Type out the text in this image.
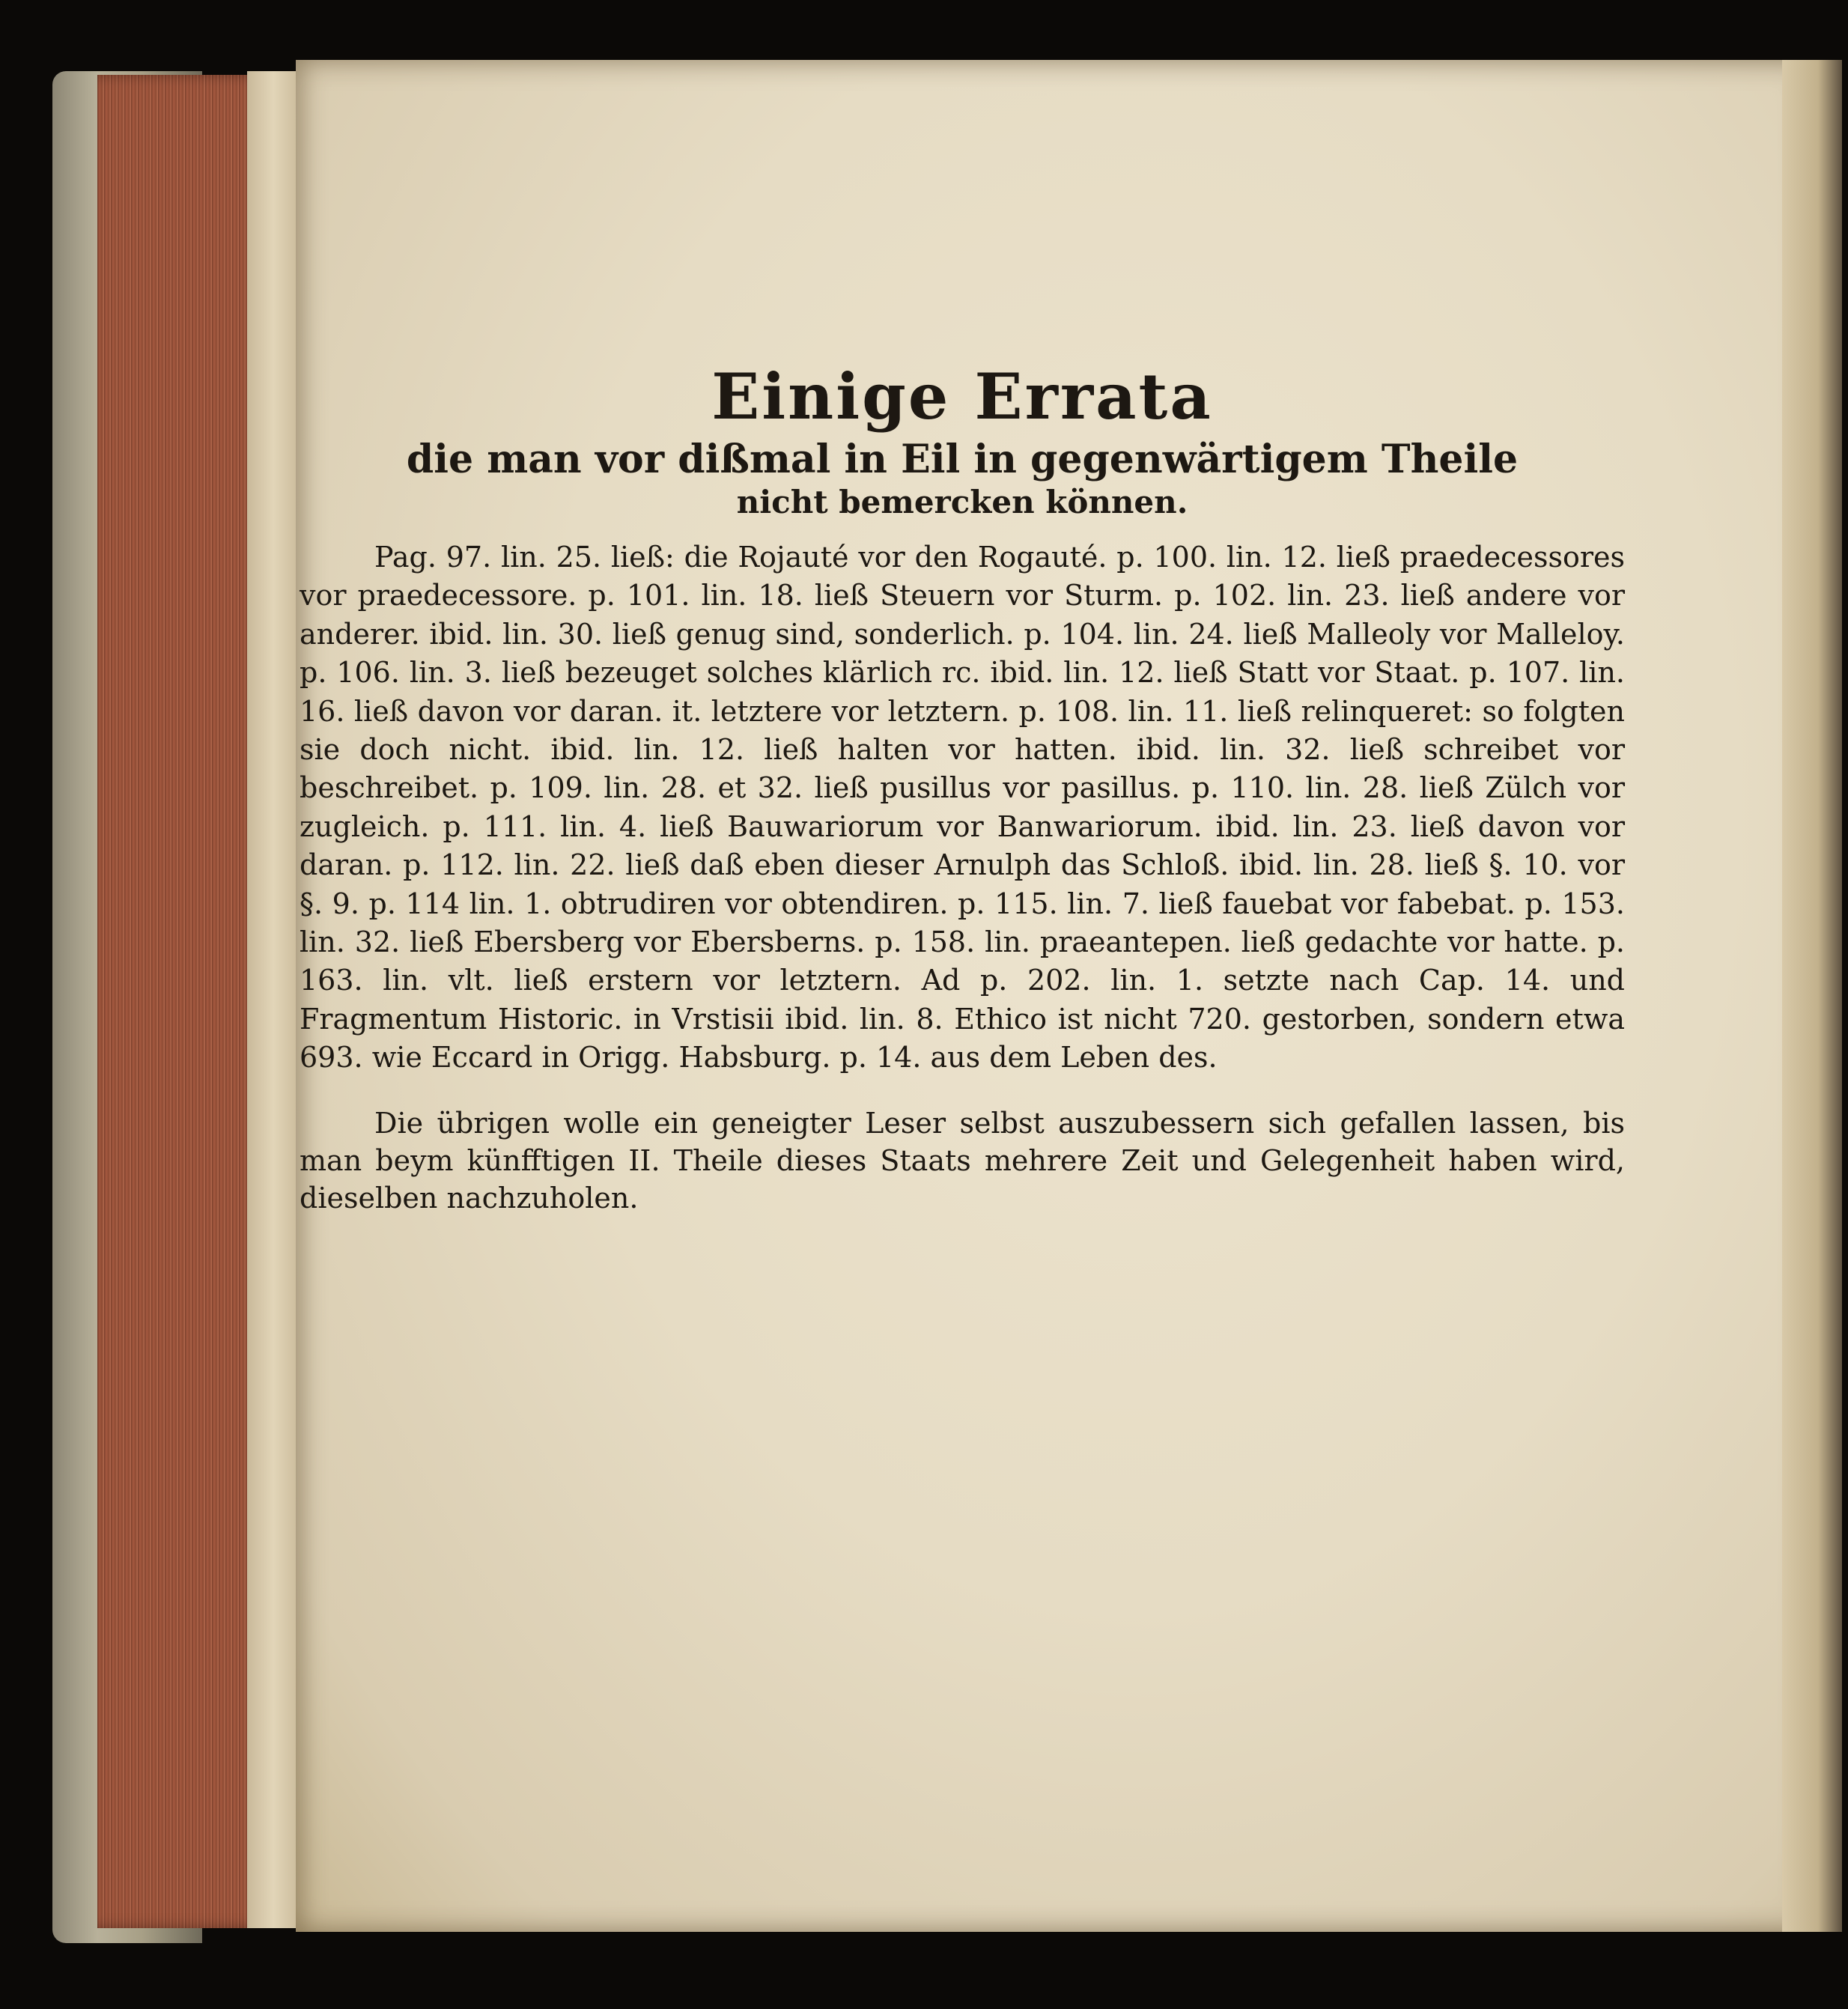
Einige Errata

die man vor dißmal in Eil in gegenwärtigem Theile

nicht bemercken können.

Pag. 97. lin. 25. ließ: die Rojauté vor den Rogauté. p. 100. lin. 12. ließ praedecessores vor praedecessore. p. 101. lin. 18. ließ Steuern vor Sturm. p. 102. lin. 23. ließ andere vor anderer. ibid. lin. 30. ließ genug sind, sonderlich. p. 104. lin. 24. ließ Malleoly vor Malleloy. p. 106. lin. 3. ließ bezeuget solches klärlich rc. ibid. lin. 12. ließ Statt vor Staat. p. 107. lin. 16. ließ davon vor daran. it. letztere vor letztern. p. 108. lin. 11. ließ relinqueret: so folgten sie doch nicht. ibid. lin. 12. ließ halten vor hatten. ibid. lin. 32. ließ schreibet vor beschreibet. p. 109. lin. 28. et 32. ließ pusillus vor pasillus. p. 110. lin. 28. ließ Zülch vor zugleich. p. 111. lin. 4. ließ Bauwariorum vor Banwariorum. ibid. lin. 23. ließ davon vor daran. p. 112. lin. 22. ließ daß eben dieser Arnulph das Schloß. ibid. lin. 28. ließ §. 10. vor §. 9. p. 114 lin. 1. obtrudiren vor obtendiren. p. 115. lin. 7. ließ fauebat vor fabebat. p. 153. lin. 32. ließ Ebersberg vor Ebersberns. p. 158. lin. praeantepen. ließ gedachte vor hatte. p. 163. lin. vlt. ließ erstern vor letztern. Ad p. 202. lin. 1. setzte nach Cap. 14. und Fragmentum Historic. in Vrstisii ibid. lin. 8. Ethico ist nicht 720. gestorben, sondern etwa 693. wie Eccard in Origg. Habsburg. p. 14. aus dem Leben des.

Die übrigen wolle ein geneigter Leser selbst auszubessern sich gefallen lassen, bis man beym künfftigen II. Theile dieses Staats mehrere Zeit und Gelegenheit haben wird, dieselben nachzuholen.
